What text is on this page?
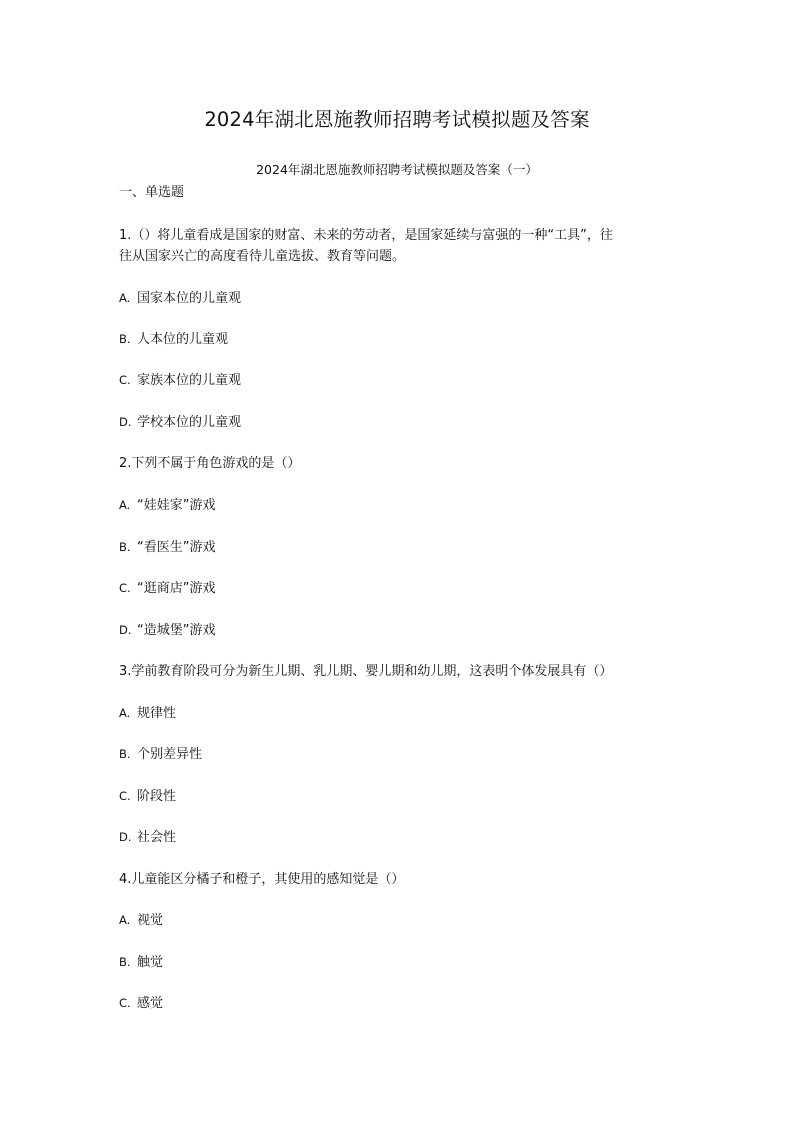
2024年湖北恩施教师招聘考试模拟题及答案
2024年湖北恩施教师招聘考试模拟题及答案（一）
一、单选题
1.（）将儿童看成是国家的财富、未来的劳动者，是国家延续与富强的一种“工具”，往
往从国家兴亡的高度看待儿童选拔、教育等问题。
A. 国家本位的儿童观
B. 人本位的儿童观
C. 家族本位的儿童观
D. 学校本位的儿童观
2.下列不属于角色游戏的是（）
A. “娃娃家”游戏
B. “看医生”游戏
C. “逛商店”游戏
D. “造城堡”游戏
3.学前教育阶段可分为新生儿期、乳儿期、婴儿期和幼儿期，这表明个体发展具有（）
A. 规律性
B. 个别差异性
C. 阶段性
D. 社会性
4.儿童能区分橘子和橙子，其使用的感知觉是（）
A. 视觉
B. 触觉
C. 感觉
